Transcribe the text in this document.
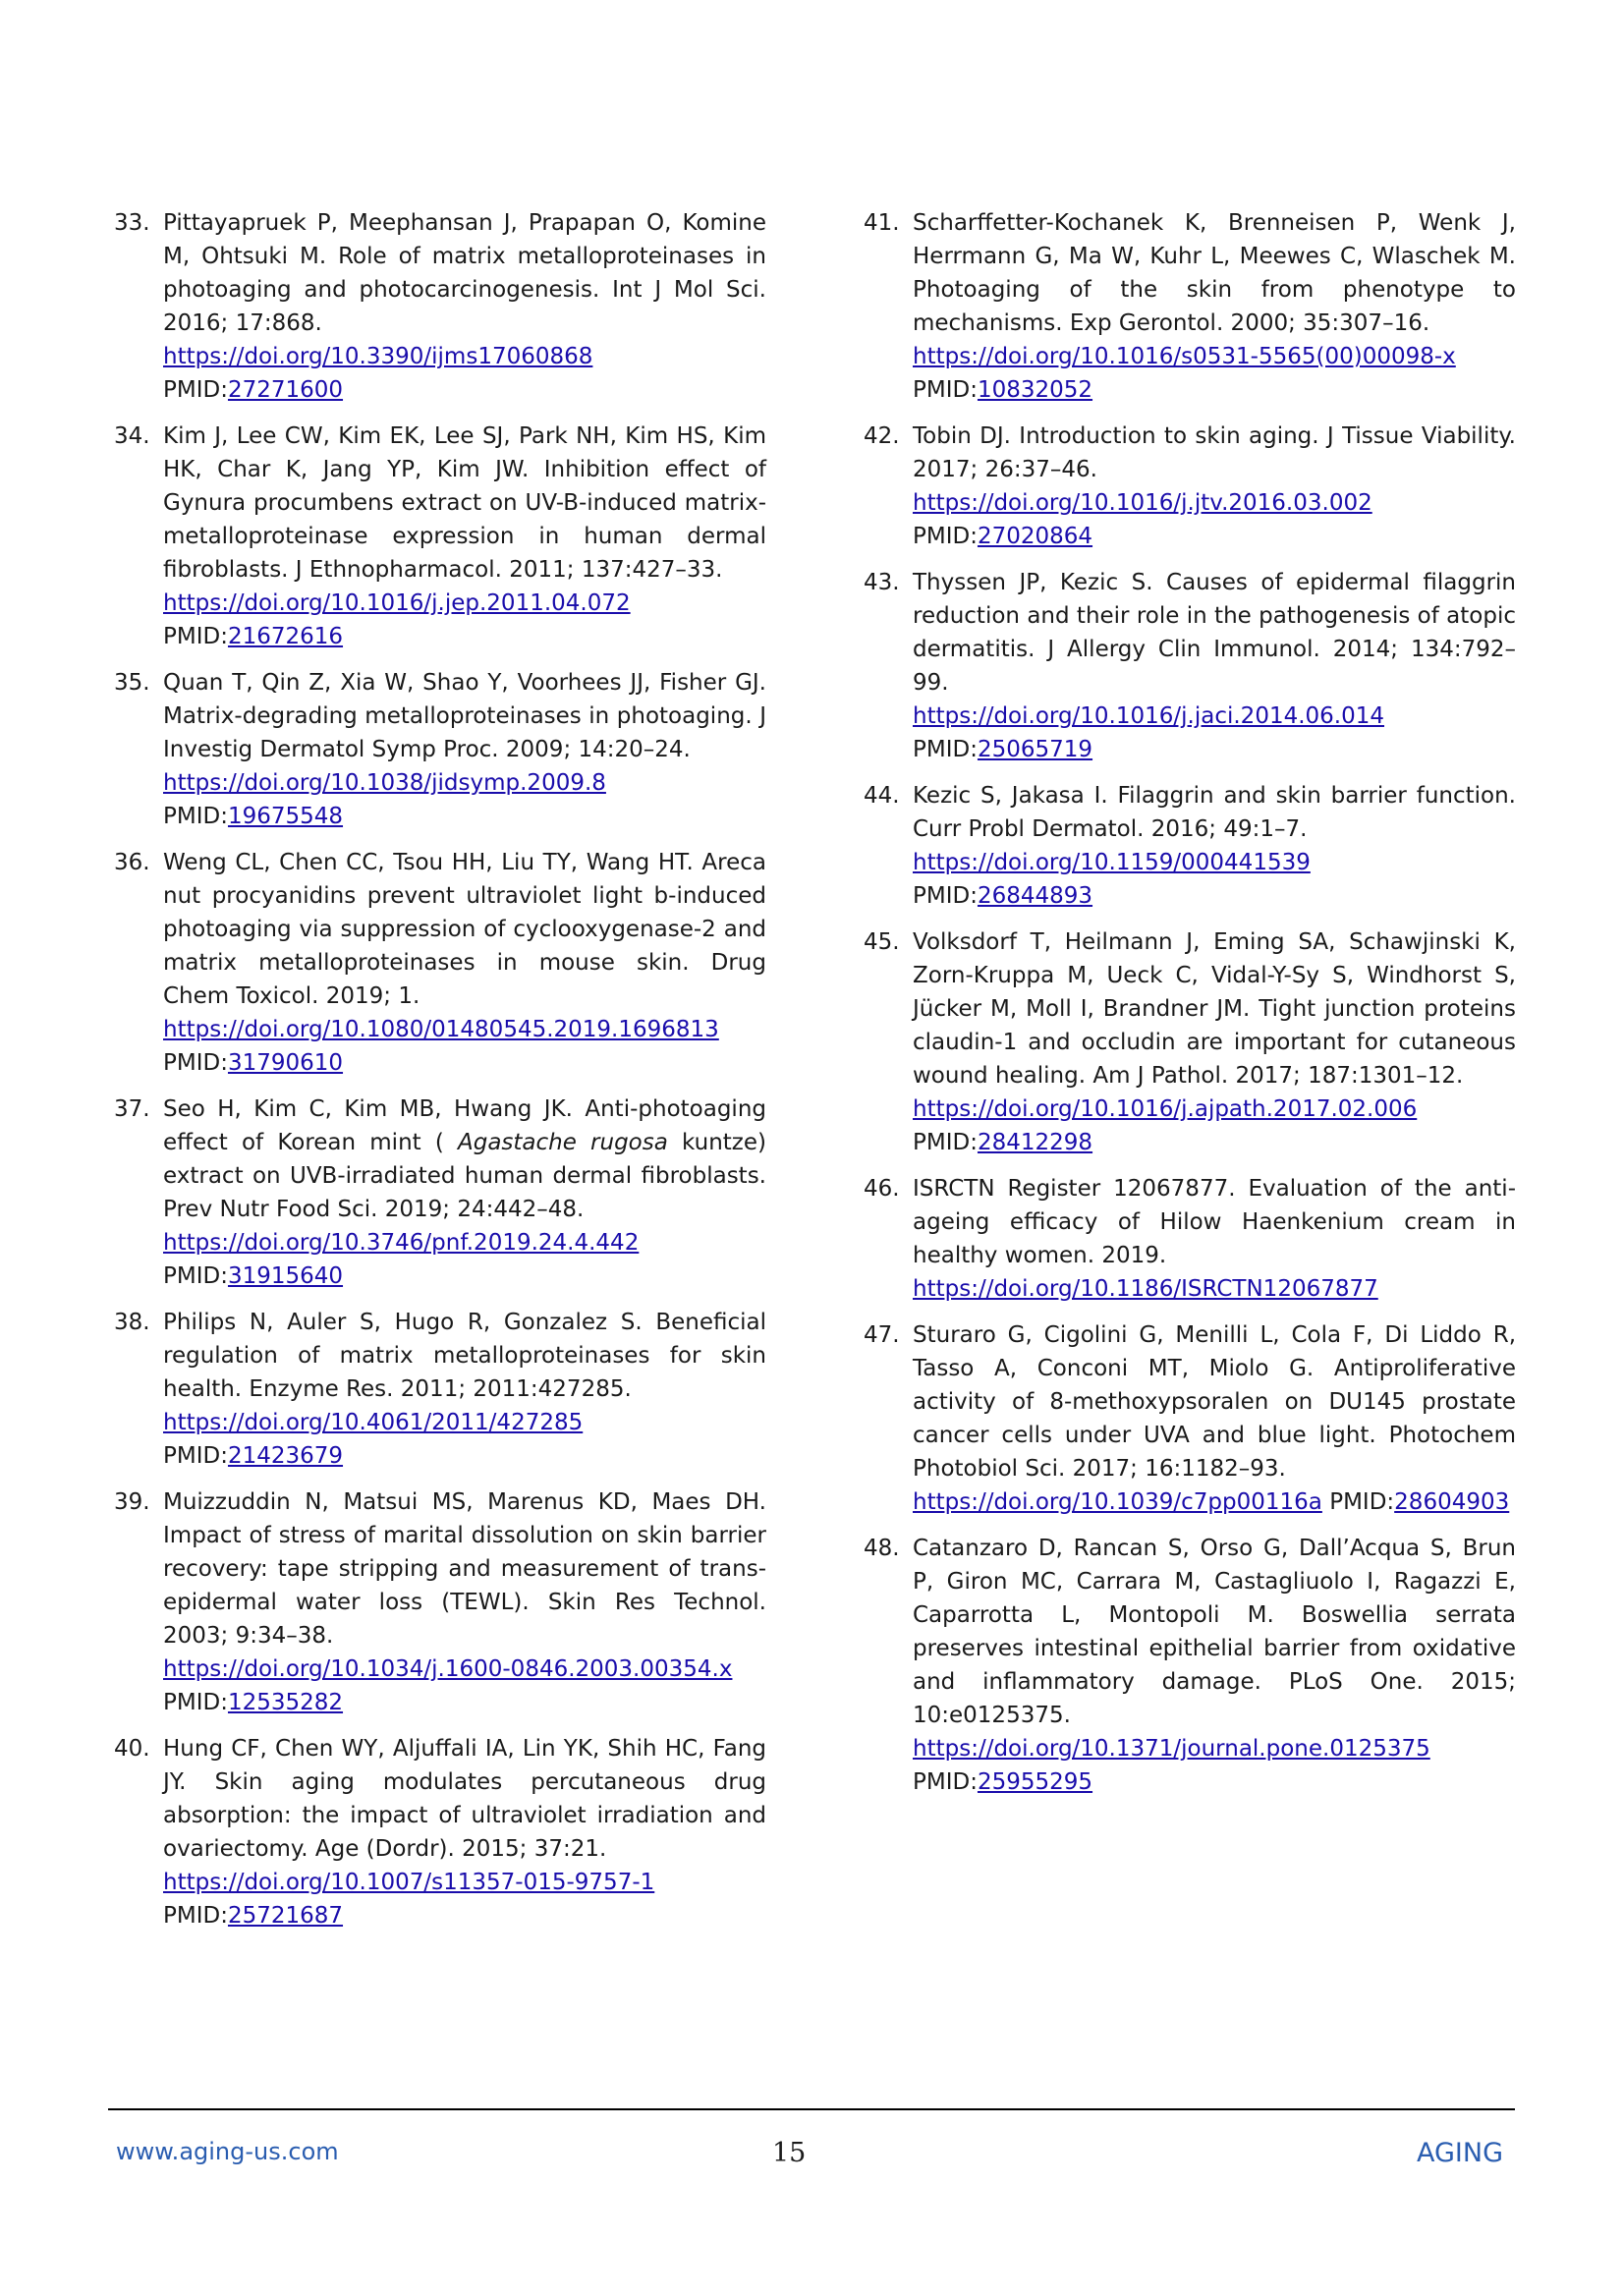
33. Pittayapruek P, Meephansan J, Prapapan O, Komine M, Ohtsuki M. Role of matrix metalloproteinases in photoaging and photocarcinogenesis. Int J Mol Sci. 2016; 17:868.
https://doi.org/10.3390/ijms17060868
PMID:27271600
34. Kim J, Lee CW, Kim EK, Lee SJ, Park NH, Kim HS, Kim HK, Char K, Jang YP, Kim JW. Inhibition effect of Gynura procumbens extract on UV-B-induced matrix-metalloproteinase expression in human dermal fibroblasts. J Ethnopharmacol. 2011; 137:427–33.
https://doi.org/10.1016/j.jep.2011.04.072
PMID:21672616
35. Quan T, Qin Z, Xia W, Shao Y, Voorhees JJ, Fisher GJ. Matrix-degrading metalloproteinases in photoaging. J Investig Dermatol Symp Proc. 2009; 14:20–24.
https://doi.org/10.1038/jidsymp.2009.8
PMID:19675548
36. Weng CL, Chen CC, Tsou HH, Liu TY, Wang HT. Areca nut procyanidins prevent ultraviolet light b-induced photoaging via suppression of cyclooxygenase-2 and matrix metalloproteinases in mouse skin. Drug Chem Toxicol. 2019; 1.
https://doi.org/10.1080/01480545.2019.1696813
PMID:31790610
37. Seo H, Kim C, Kim MB, Hwang JK. Anti-photoaging effect of Korean mint ( Agastache rugosa kuntze) extract on UVB-irradiated human dermal fibroblasts. Prev Nutr Food Sci. 2019; 24:442–48.
https://doi.org/10.3746/pnf.2019.24.4.442
PMID:31915640
38. Philips N, Auler S, Hugo R, Gonzalez S. Beneficial regulation of matrix metalloproteinases for skin health. Enzyme Res. 2011; 2011:427285.
https://doi.org/10.4061/2011/427285
PMID:21423679
39. Muizzuddin N, Matsui MS, Marenus KD, Maes DH. Impact of stress of marital dissolution on skin barrier recovery: tape stripping and measurement of trans-epidermal water loss (TEWL). Skin Res Technol. 2003; 9:34–38.
https://doi.org/10.1034/j.1600-0846.2003.00354.x
PMID:12535282
40. Hung CF, Chen WY, Aljuffali IA, Lin YK, Shih HC, Fang JY. Skin aging modulates percutaneous drug absorption: the impact of ultraviolet irradiation and ovariectomy. Age (Dordr). 2015; 37:21.
https://doi.org/10.1007/s11357-015-9757-1
PMID:25721687
41. Scharffetter-Kochanek K, Brenneisen P, Wenk J, Herrmann G, Ma W, Kuhr L, Meewes C, Wlaschek M. Photoaging of the skin from phenotype to mechanisms. Exp Gerontol. 2000; 35:307–16.
https://doi.org/10.1016/s0531-5565(00)00098-x
PMID:10832052
42. Tobin DJ. Introduction to skin aging. J Tissue Viability. 2017; 26:37–46.
https://doi.org/10.1016/j.jtv.2016.03.002
PMID:27020864
43. Thyssen JP, Kezic S. Causes of epidermal filaggrin reduction and their role in the pathogenesis of atopic dermatitis. J Allergy Clin Immunol. 2014; 134:792–99.
https://doi.org/10.1016/j.jaci.2014.06.014
PMID:25065719
44. Kezic S, Jakasa I. Filaggrin and skin barrier function. Curr Probl Dermatol. 2016; 49:1–7.
https://doi.org/10.1159/000441539
PMID:26844893
45. Volksdorf T, Heilmann J, Eming SA, Schawjinski K, Zorn-Kruppa M, Ueck C, Vidal-Y-Sy S, Windhorst S, Jücker M, Moll I, Brandner JM. Tight junction proteins claudin-1 and occludin are important for cutaneous wound healing. Am J Pathol. 2017; 187:1301–12.
https://doi.org/10.1016/j.ajpath.2017.02.006
PMID:28412298
46. ISRCTN Register 12067877. Evaluation of the anti-ageing efficacy of Hilow Haenkenium cream in healthy women. 2019.
https://doi.org/10.1186/ISRCTN12067877
47. Sturaro G, Cigolini G, Menilli L, Cola F, Di Liddo R, Tasso A, Conconi MT, Miolo G. Antiproliferative activity of 8-methoxypsoralen on DU145 prostate cancer cells under UVA and blue light. Photochem Photobiol Sci. 2017; 16:1182–93.
https://doi.org/10.1039/c7pp00116a PMID:28604903
48. Catanzaro D, Rancan S, Orso G, Dall’Acqua S, Brun P, Giron MC, Carrara M, Castagliuolo I, Ragazzi E, Caparrotta L, Montopoli M. Boswellia serrata preserves intestinal epithelial barrier from oxidative and inflammatory damage. PLoS One. 2015; 10:e0125375.
https://doi.org/10.1371/journal.pone.0125375
PMID:25955295
www.aging-us.com	15	AGING
